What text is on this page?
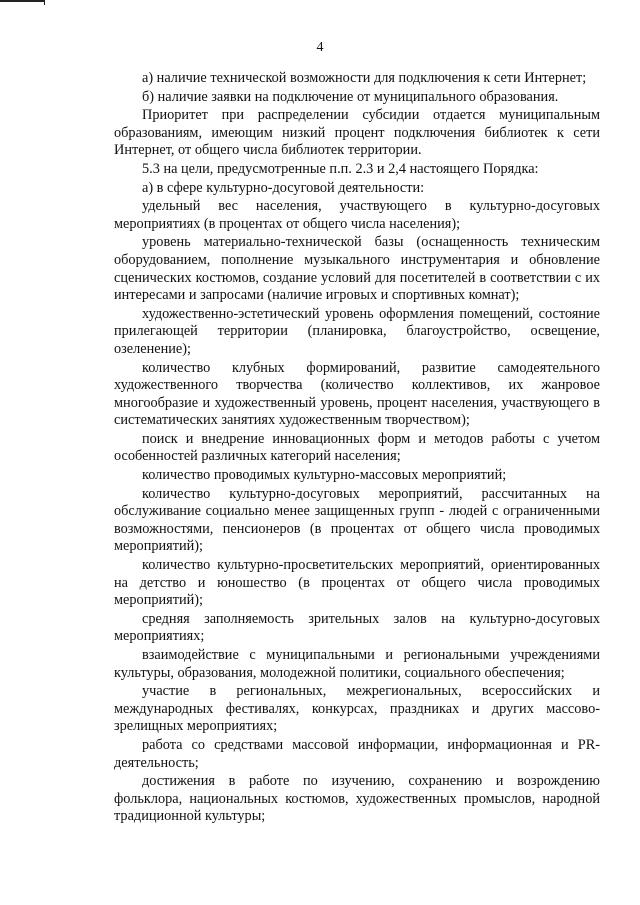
4

а) наличие технической возможности для подключения к сети Интернет;

б) наличие заявки на подключение от муниципального образования.

Приоритет при распределении субсидии отдается муниципальным образованиям, имеющим низкий процент подключения библиотек к сети Интернет, от общего числа библиотек территории.

5.3 на цели, предусмотренные п.п. 2.3 и 2,4 настоящего Порядка:

а) в сфере культурно-досуговой деятельности:

удельный вес населения, участвующего в культурно-досуговых мероприятиях (в процентах от общего числа населения);

уровень материально-технической базы (оснащенность техническим оборудованием, пополнение музыкального инструментария и обновление сценических костюмов, создание условий для посетителей в соответствии с их интересами и запросами (наличие игровых и спортивных комнат);

художественно-эстетический уровень оформления помещений, состояние прилегающей территории (планировка, благоустройство, освещение, озеленение);

количество клубных формирований, развитие самодеятельного художественного творчества (количество коллективов, их жанровое многообразие и художественный уровень, процент населения, участвующего в систематических занятиях художественным творчеством);

поиск и внедрение инновационных форм и методов работы с учетом особенностей различных категорий населения;

количество проводимых культурно-массовых мероприятий;

количество культурно-досуговых мероприятий, рассчитанных на обслуживание социально менее защищенных групп - людей с ограниченными возможностями, пенсионеров (в процентах от общего числа проводимых мероприятий);

количество культурно-просветительских мероприятий, ориентированных на детство и юношество (в процентах от общего числа проводимых мероприятий);

средняя заполняемость зрительных залов на культурно-досуговых мероприятиях;

взаимодействие с муниципальными и региональными учреждениями культуры, образования, молодежной политики, социального обеспечения;

участие в региональных, межрегиональных, всероссийских и международных фестивалях, конкурсах, праздниках и других массово-зрелищных мероприятиях;

работа со средствами массовой информации, информационная и PR-деятельность;

достижения в работе по изучению, сохранению и возрождению фольклора, национальных костюмов, художественных промыслов, народной традиционной культуры;
